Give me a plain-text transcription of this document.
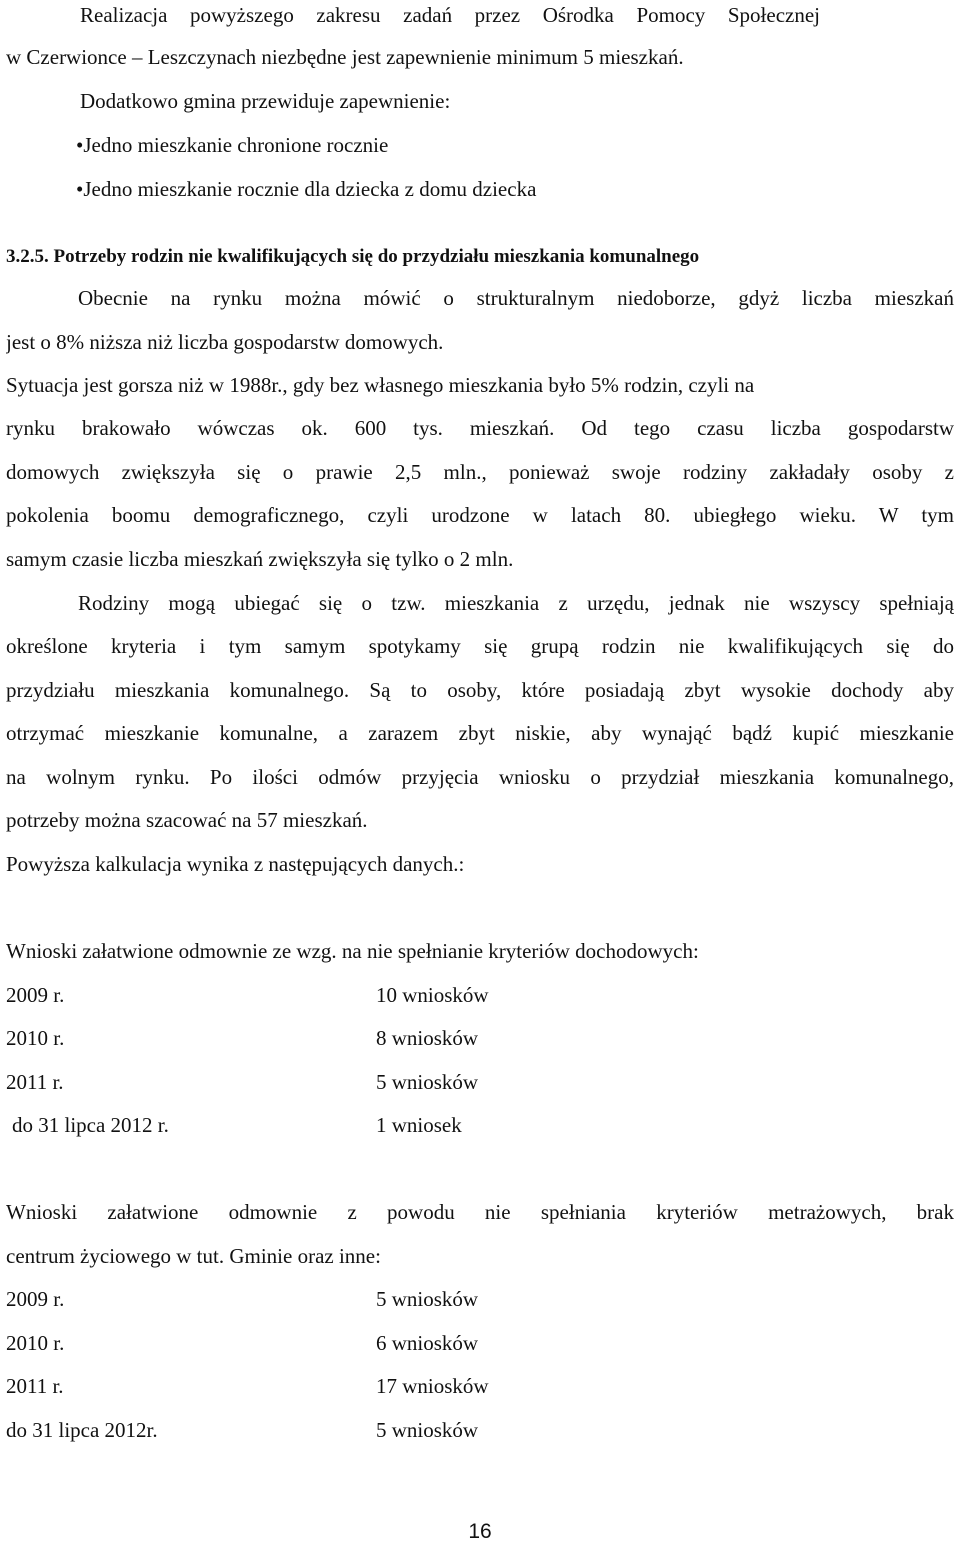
Realizacja powyższego zakresu zadań przez Ośrodka Pomocy Społecznej
w Czerwionce – Leszczynach niezbędne jest zapewnienie minimum 5 mieszkań.
Dodatkowo gmina przewiduje zapewnienie:
•Jedno mieszkanie chronione rocznie
•Jedno mieszkanie rocznie dla dziecka z domu dziecka
3.2.5. Potrzeby rodzin nie kwalifikujących się do przydziału mieszkania komunalnego
Obecnie na rynku można mówić o strukturalnym niedoborze, gdyż liczba mieszkań
jest o 8% niższa niż liczba gospodarstw domowych.
Sytuacja jest gorsza niż w 1988r., gdy bez własnego mieszkania było 5% rodzin, czyli na
rynku brakowało wówczas ok. 600 tys. mieszkań. Od tego czasu liczba gospodarstw
domowych zwiększyła się o prawie 2,5 mln., ponieważ swoje rodziny zakładały osoby z
pokolenia boomu demograficznego, czyli urodzone w latach 80. ubiegłego wieku. W tym
samym czasie liczba mieszkań zwiększyła się tylko o 2 mln.
Rodziny mogą ubiegać się o tzw. mieszkania z urzędu, jednak nie wszyscy spełniają
określone kryteria i tym samym spotykamy się grupą rodzin nie kwalifikujących się do
przydziału mieszkania komunalnego. Są to osoby, które posiadają zbyt wysokie dochody aby
otrzymać mieszkanie komunalne, a zarazem zbyt niskie, aby wynająć bądź kupić mieszkanie
na wolnym rynku. Po ilości odmów przyjęcia wniosku o przydział mieszkania komunalnego,
potrzeby można szacować na 57 mieszkań.
Powyższa kalkulacja wynika z następujących danych.:
Wnioski załatwione odmownie ze wzg. na nie spełnianie kryteriów dochodowych:
2009 r.	10 wniosków
2010 r.	8 wniosków
2011 r.	5 wniosków
do 31 lipca 2012 r.	1 wniosek
Wnioski załatwione odmownie z powodu nie spełniania kryteriów metrażowych, brak
centrum życiowego w tut. Gminie oraz inne:
2009 r.	5 wniosków
2010 r.	6 wniosków
2011 r.	17 wniosków
do 31 lipca 2012r.	5 wniosków
16
